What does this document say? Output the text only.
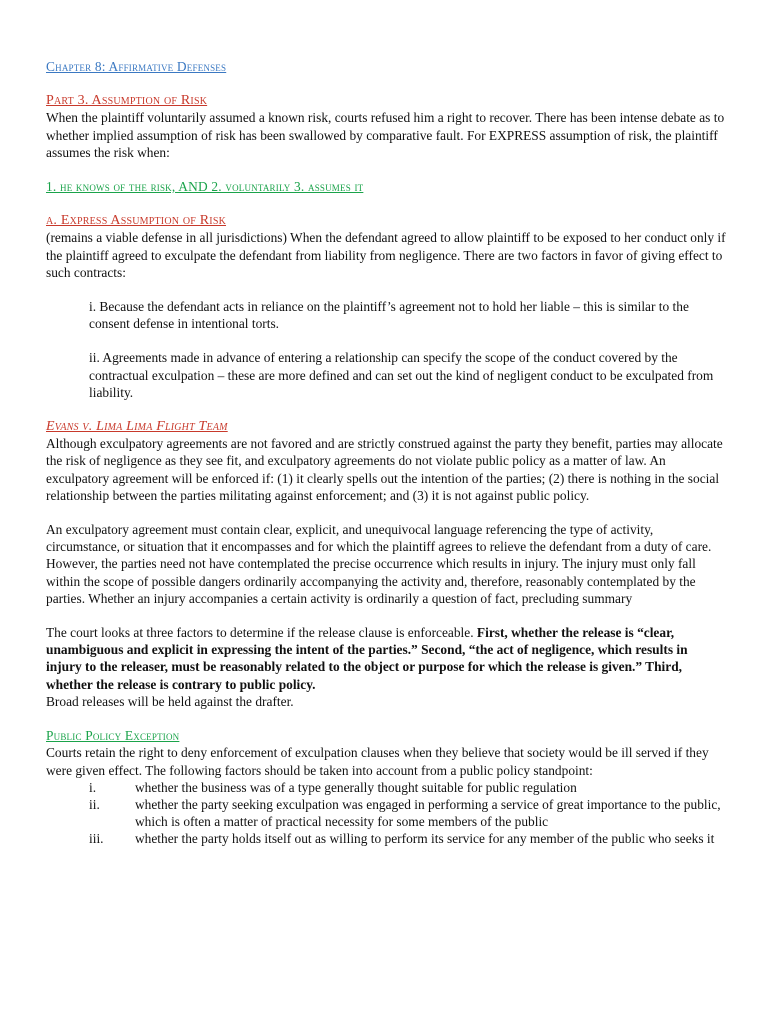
Chapter 8: Affirmative Defenses

Part 3. Assumption of Risk

When the plaintiff voluntarily assumed a known risk, courts refused him a right to recover. There has been intense debate as to whether implied assumption of risk has been swallowed by comparative fault. For EXPRESS assumption of risk, the plaintiff assumes the risk when:

1. he knows of the risk, AND 2. voluntarily 3. assumes it

a. Express Assumption of Risk

(remains a viable defense in all jurisdictions) When the defendant agreed to allow plaintiff to be exposed to her conduct only if the plaintiff agreed to exculpate the defendant from liability from negligence. There are two factors in favor of giving effect to such contracts:

i. Because the defendant acts in reliance on the plaintiff’s agreement not to hold her liable – this is similar to the consent defense in intentional torts.

ii. Agreements made in advance of entering a relationship can specify the scope of the conduct covered by the contractual exculpation – these are more defined and can set out the kind of negligent conduct to be exculpated from liability.

Evans v. Lima Lima Flight Team

Although exculpatory agreements are not favored and are strictly construed against the party they benefit, parties may allocate the risk of negligence as they see fit, and exculpatory agreements do not violate public policy as a matter of law. An exculpatory agreement will be enforced if: (1) it clearly spells out the intention of the parties; (2) there is nothing in the social relationship between the parties militating against enforcement; and (3) it is not against public policy.

An exculpatory agreement must contain clear, explicit, and unequivocal language referencing the type of activity, circumstance, or situation that it encompasses and for which the plaintiff agrees to relieve the defendant from a duty of care. However, the parties need not have contemplated the precise occurrence which results in injury. The injury must only fall within the scope of possible dangers ordinarily accompanying the activity and, therefore, reasonably contemplated by the parties. Whether an injury accompanies a certain activity is ordinarily a question of fact, precluding summary

The court looks at three factors to determine if the release clause is enforceable. First, whether the release is “clear, unambiguous and explicit in expressing the intent of the parties.” Second, “the act of negligence, which results in injury to the releaser, must be reasonably related to the object or purpose for which the release is given.” Third, whether the release is contrary to public policy.

Broad releases will be held against the drafter.

Public Policy Exception

Courts retain the right to deny enforcement of exculpation clauses when they believe that society would be ill served if they were given effect. The following factors should be taken into account from a public policy standpoint:

i.	whether the business was of a type generally thought suitable for public regulation
ii.	whether the party seeking exculpation was engaged in performing a service of great importance to the public, which is often a matter of practical necessity for some members of the public
iii.	whether the party holds itself out as willing to perform its service for any member of the public who seeks it
